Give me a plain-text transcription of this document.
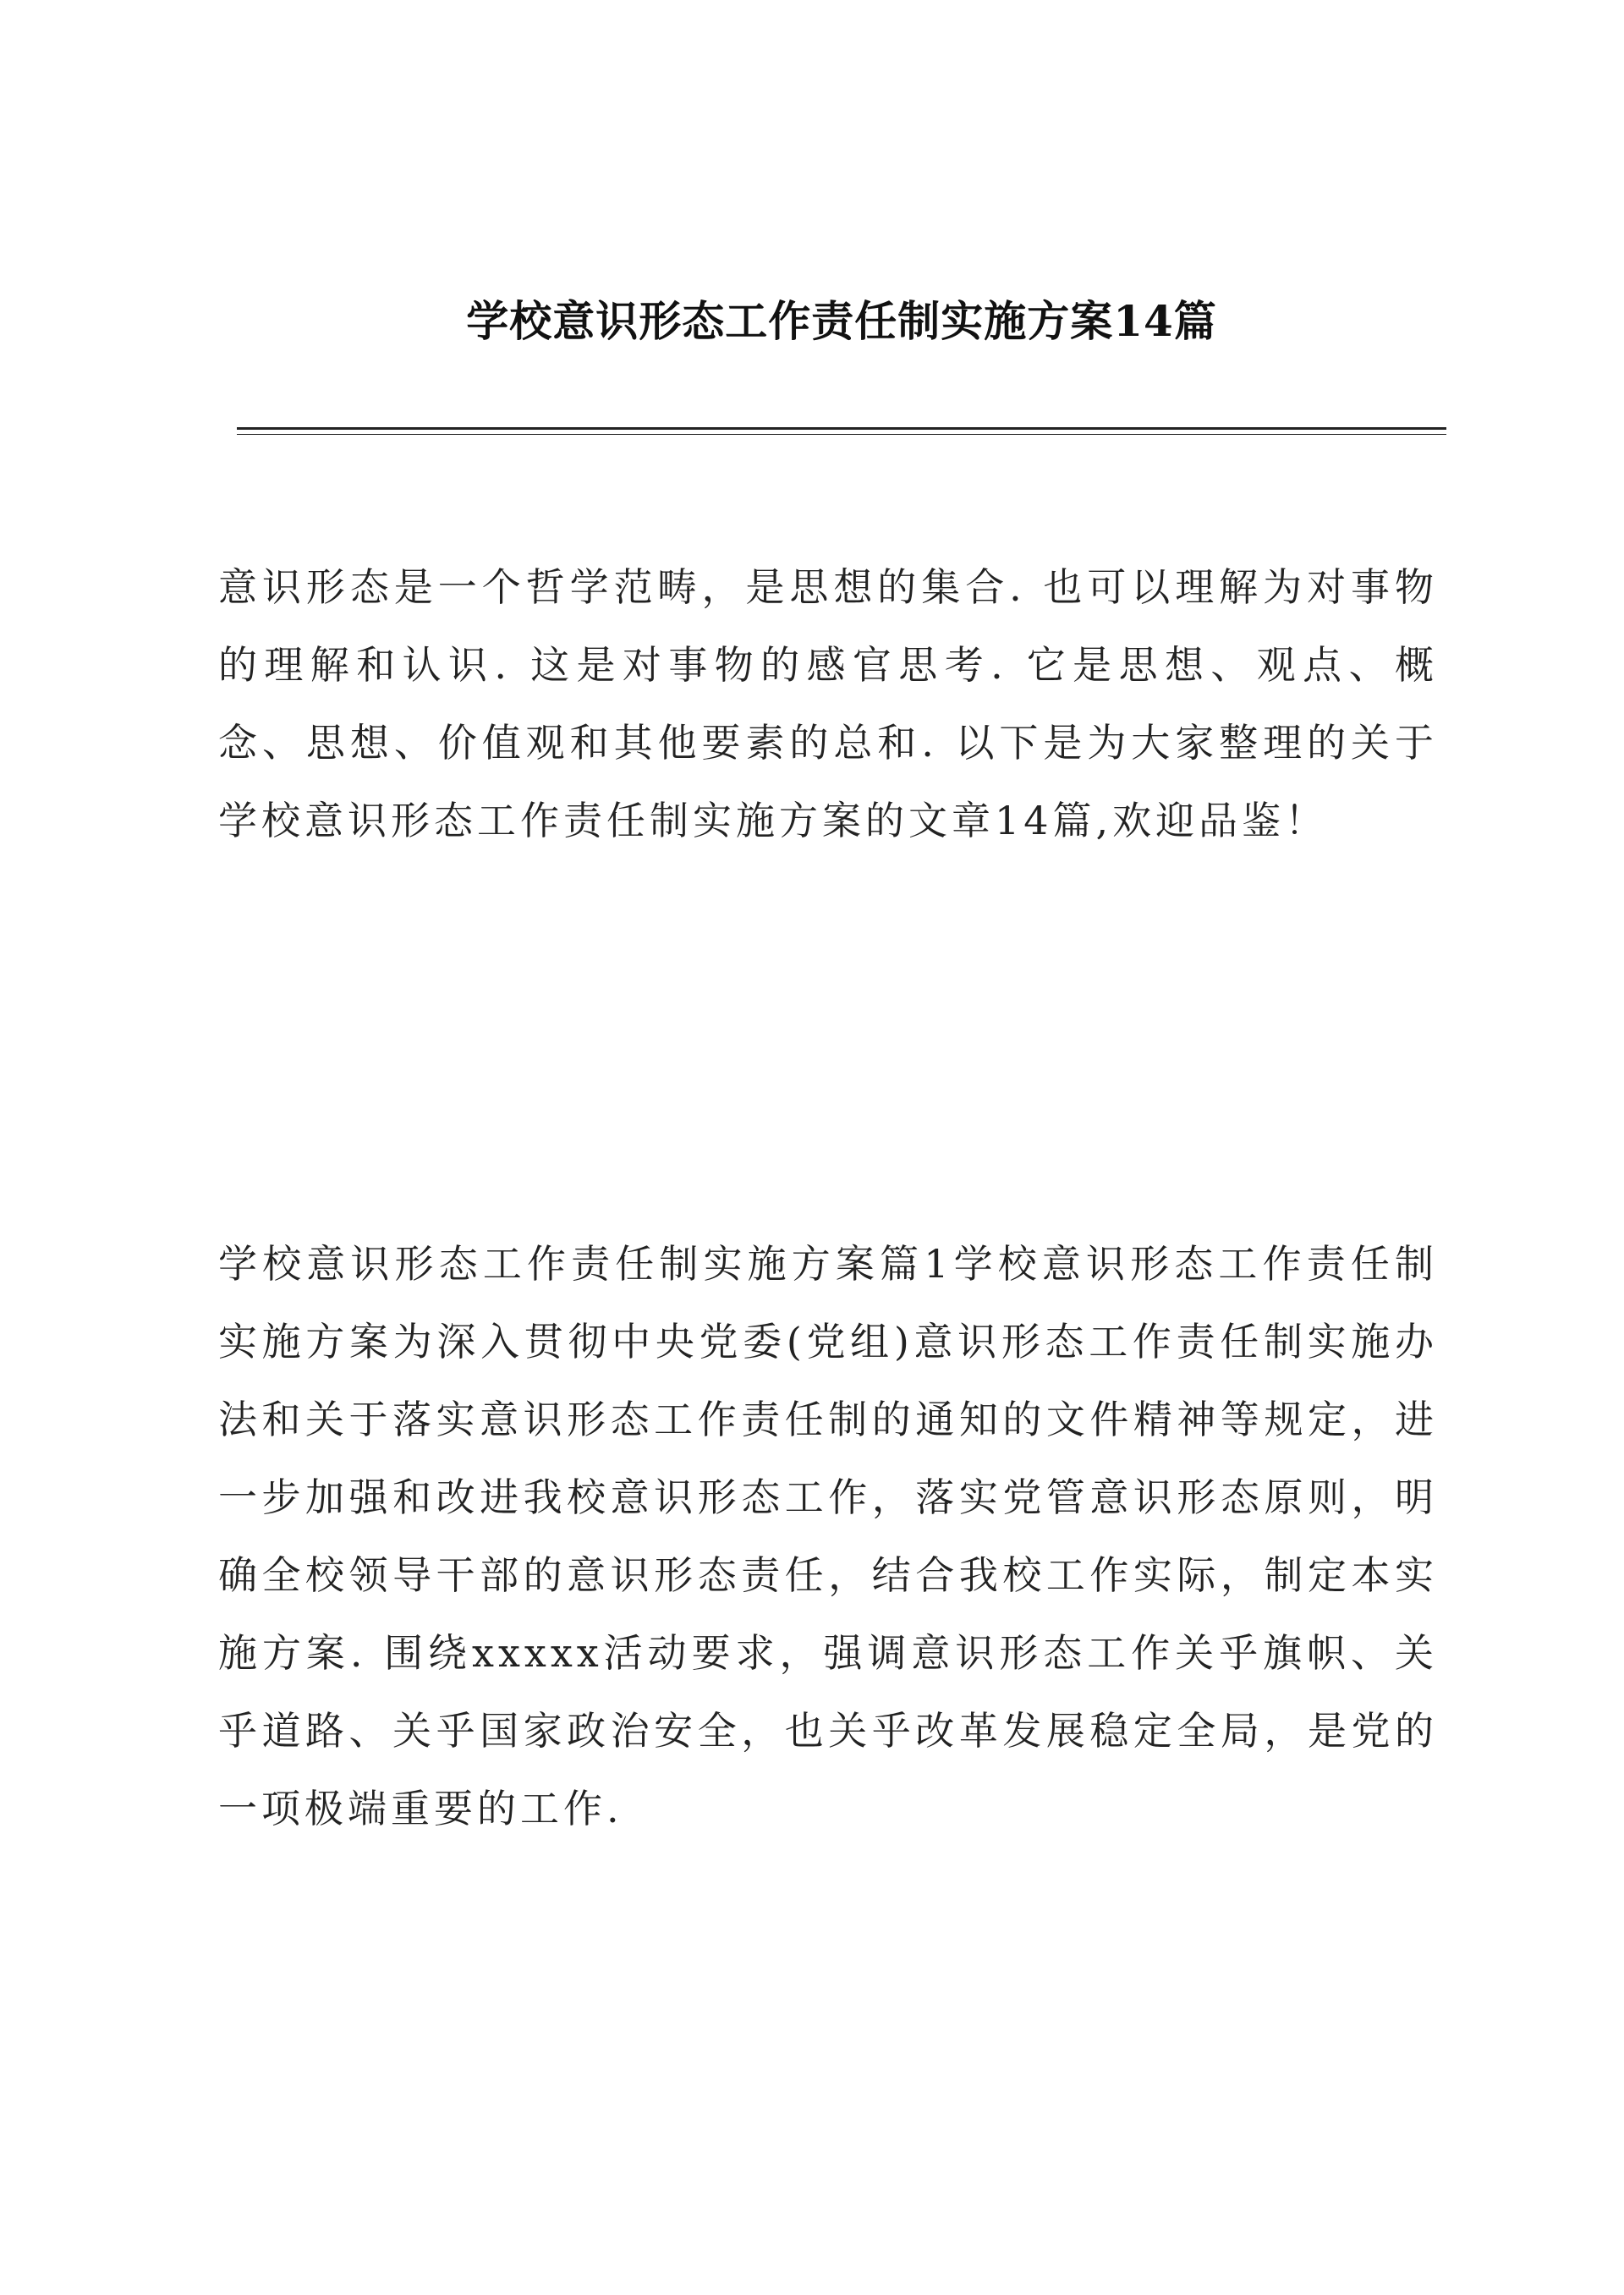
学校意识形态工作责任制实施方案14篇

意识形态是一个哲学范畴，是思想的集合. 也可以理解为对事物的理解和认识. 这是对事物的感官思考. 它是思想、观点、概念、思想、价值观和其他要素的总和. 以下是为大家整理的关于学校意识形态工作责任制实施方案的文章14篇,欢迎品鉴！

学校意识形态工作责任制实施方案篇1学校意识形态工作责任制实施方案为深入贯彻中央党委(党组)意识形态工作责任制实施办法和关于落实意识形态工作责任制的通知的文件精神等规定，进一步加强和改进我校意识形态工作，落实党管意识形态原则，明确全校领导干部的意识形态责任，结合我校工作实际，制定本实施方案. 围绕xxxxx活动要求，强调意识形态工作关乎旗帜、关乎道路、关乎国家政治安全，也关乎改革发展稳定全局，是党的一项极端重要的工作.
